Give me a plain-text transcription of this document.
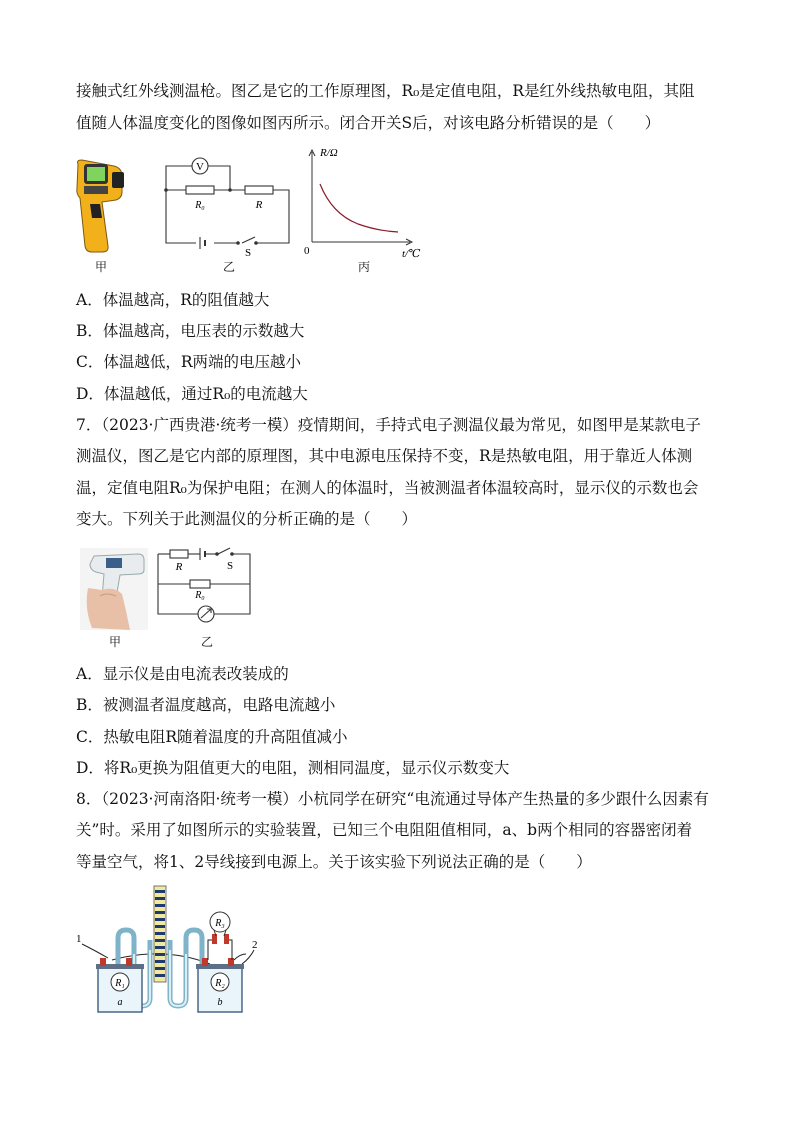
接触式红外线测温枪。图乙是它的工作原理图，R₀是定值电阻，R是红外线热敏电阻，其阻
值随人体温度变化的图像如图丙所示。闭合开关S后，对该电路分析错误的是（　　）
甲
V
R₀	R
S
乙
R/Ω
0	t/℃
丙
A．体温越高，R的阻值越大
B．体温越高，电压表的示数越大
C．体温越低，R两端的电压越小
D．体温越低，通过R₀的电流越大
7．（2023·广西贵港·统考一模）疫情期间，手持式电子测温仪最为常见，如图甲是某款电子
测温仪，图乙是它内部的原理图，其中电源电压保持不变，R是热敏电阻，用于靠近人体测
温，定值电阻R₀为保护电阻；在测人的体温时，当被测温者体温较高时，显示仪的示数也会
变大。下列关于此测温仪的分析正确的是（　　）
甲
R	S
R₀
乙
A．显示仪是由电流表改装成的
B．被测温者温度越高，电路电流越小
C．热敏电阻R随着温度的升高阻值减小
D．将R₀更换为阻值更大的电阻，测相同温度，显示仪示数变大
8．（2023·河南洛阳·统考一模）小杭同学在研究“电流通过导体产生热量的多少跟什么因素有
关”时。采用了如图所示的实验装置，已知三个电阻阻值相同，a、b两个相同的容器密闭着
等量空气，将1、2导线接到电源上。关于该实验下列说法正确的是（　　）
R₁
a
R₂
b
R₃
1	2
